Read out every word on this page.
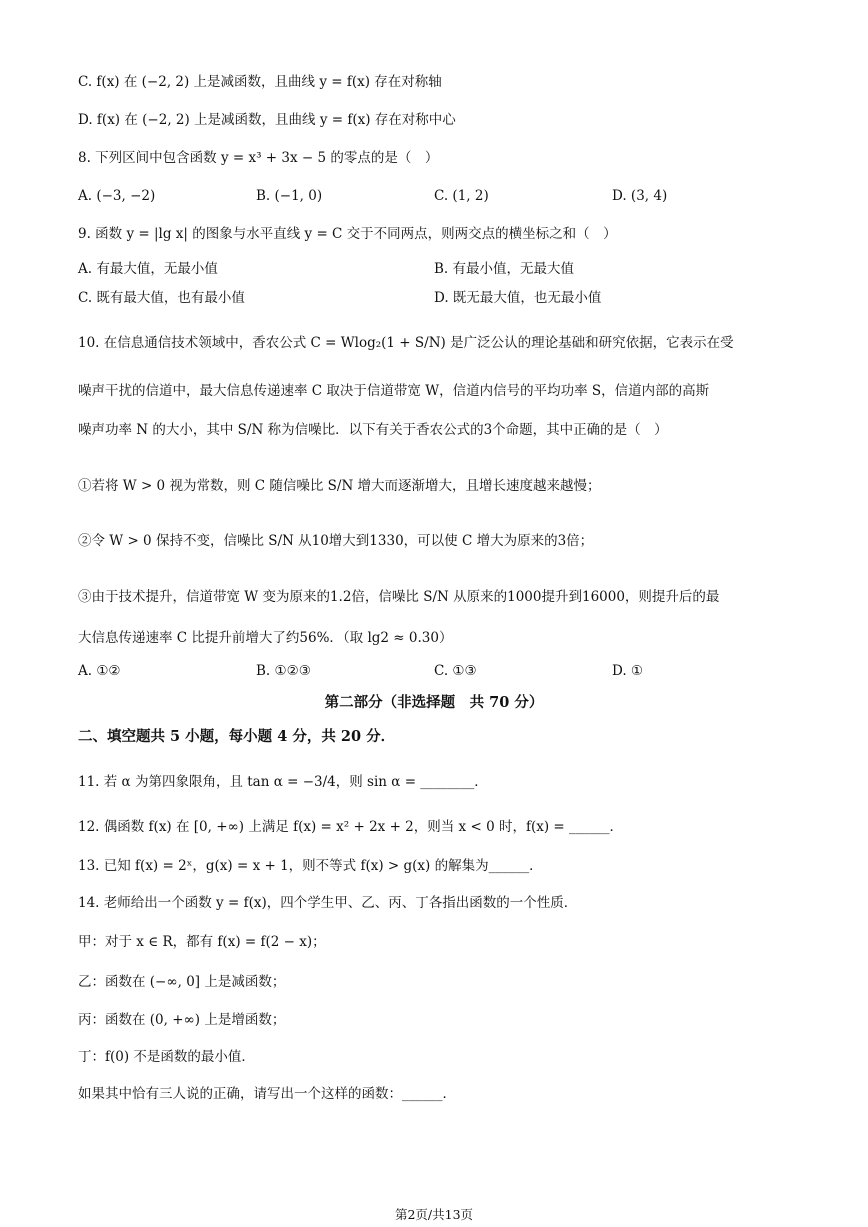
C. f(x) 在 (−2, 2) 上是减函数，且曲线 y = f(x) 存在对称轴
D. f(x) 在 (−2, 2) 上是减函数，且曲线 y = f(x) 存在对称中心
8. 下列区间中包含函数 y = x³ + 3x − 5 的零点的是（　）
A. (−3, −2)	B. (−1, 0)	C. (1, 2)	D. (3, 4)
9. 函数 y = |lg x| 的图象与水平直线 y = C 交于不同两点，则两交点的横坐标之和（　）
A. 有最大值，无最小值	B. 有最小值，无最大值
C. 既有最大值，也有最小值	D. 既无最大值，也无最小值
10. 在信息通信技术领域中，香农公式 C = Wlog₂(1 + S/N) 是广泛公认的理论基础和研究依据，它表示在受
噪声干扰的信道中，最大信息传递速率 C 取决于信道带宽 W，信道内信号的平均功率 S，信道内部的高斯
噪声功率 N 的大小，其中 S/N 称为信噪比．以下有关于香农公式的3个命题，其中正确的是（　）
①若将 W > 0 视为常数，则 C 随信噪比 S/N 增大而逐渐增大，且增长速度越来越慢；
②令 W > 0 保持不变，信噪比 S/N 从10增大到1330，可以使 C 增大为原来的3倍；
③由于技术提升，信道带宽 W 变为原来的1.2倍，信噪比 S/N 从原来的1000提升到16000，则提升后的最
大信息传递速率 C 比提升前增大了约56%．（取 lg2 ≈ 0.30）
A. ①②	B. ①②③	C. ①③	D. ①
第二部分（非选择题　共 70 分）
二、填空题共 5 小题，每小题 4 分，共 20 分．
11. 若 α 为第四象限角，且 tan α = −3/4，则 sin α = ________．
12. 偶函数 f(x) 在 [0, +∞) 上满足 f(x) = x² + 2x + 2，则当 x < 0 时，f(x) = ______．
13. 已知 f(x) = 2ˣ，g(x) = x + 1，则不等式 f(x) > g(x) 的解集为______．
14. 老师给出一个函数 y = f(x)，四个学生甲、乙、丙、丁各指出函数的一个性质．
甲：对于 x ∈ R，都有 f(x) = f(2 − x)；
乙：函数在 (−∞, 0] 上是减函数；
丙：函数在 (0, +∞) 上是增函数；
丁：f(0) 不是函数的最小值．
如果其中恰有三人说的正确，请写出一个这样的函数：______．
第2页/共13页
